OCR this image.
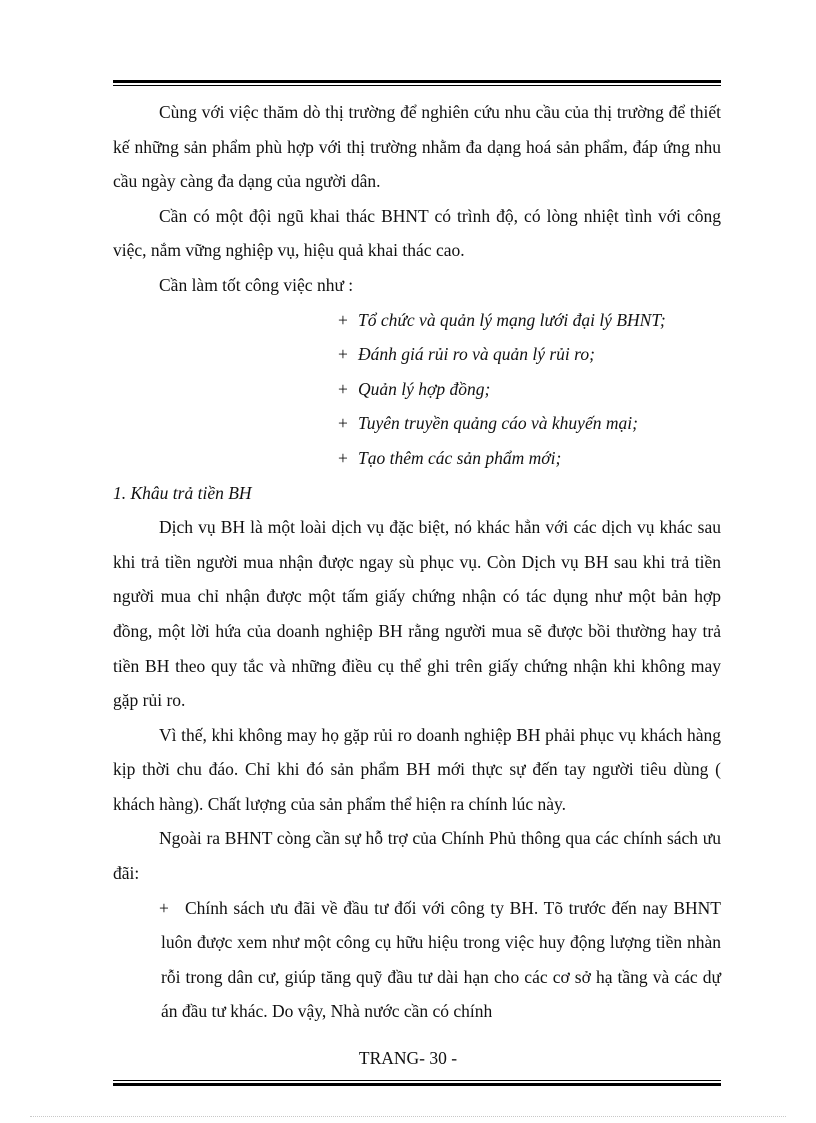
Cùng với việc thăm dò thị trường để nghiên cứu nhu cầu của thị trường để thiết kế những sản phẩm phù hợp với thị trường nhằm đa dạng hoá sản phẩm, đáp ứng nhu cầu ngày càng đa dạng của người dân.

Cần có một đội ngũ khai thác BHNT có trình độ, có lòng nhiệt tình với công việc, nắm vững nghiệp vụ, hiệu quả khai thác cao.

Cần làm tốt công việc như :

+ Tổ chức và quản lý mạng lưới đại lý BHNT;

+ Đánh giá rủi ro và quản lý rủi ro;

+ Quản lý hợp đồng;

+ Tuyên truyền quảng cáo và khuyến mại;

+ Tạo thêm các sản phẩm mới;

1. Khâu trả tiền BH

Dịch vụ BH là một loài dịch vụ đặc biệt, nó khác hẳn với các dịch vụ khác sau khi trả tiền người mua nhận được ngay sù phục vụ. Còn Dịch vụ BH sau khi trả tiền người mua chỉ nhận được một tấm giấy chứng nhận có tác dụng như một bản hợp đồng, một lời hứa của doanh nghiệp BH rằng người mua sẽ được bồi thường hay trả tiền BH theo quy tắc và những điều cụ thể ghi trên giấy chứng nhận khi không may gặp rủi ro.

Vì thế, khi không may họ gặp rủi ro doanh nghiệp BH phải phục vụ khách hàng kịp thời chu đáo. Chỉ khi đó sản phẩm BH mới thực sự đến tay người tiêu dùng ( khách hàng). Chất lượng của sản phẩm thể hiện ra chính lúc này.

Ngoài ra BHNT còng cần sự hỗ trợ của Chính Phủ thông qua các chính sách ưu đãi:

+ Chính sách ưu đãi về đầu tư đối với công ty BH. Tõ trước đến nay BHNT luôn được xem như một công cụ hữu hiệu trong việc huy động lượng tiền nhàn rỗi trong dân cư, giúp tăng quỹ đầu tư dài hạn cho các cơ sở hạ tầng và các dự án đầu tư khác. Do vậy, Nhà nước cần có chính

TRANG- 30 -
